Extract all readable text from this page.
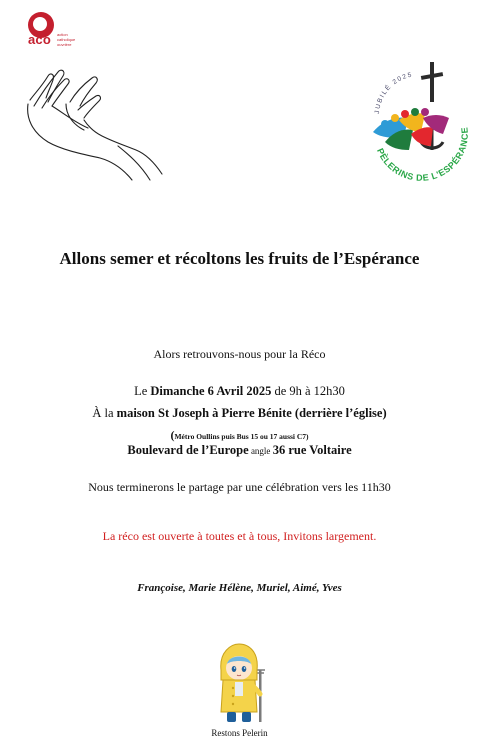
aco action catholique ouvrière
JUBILÉ 2025
PÈLERINS DE L'ESPÉRANCE
Allons semer et récoltons les fruits de l’Espérance
Alors retrouvons-nous pour la Réco
Le Dimanche 6 Avril 2025 de 9h à 12h30
À la maison St Joseph à Pierre Bénite (derrière l’église)
(Métro Oullins puis Bus 15 ou 17 aussi C7)
Boulevard de l’Europe angle 36 rue Voltaire
Nous terminerons le partage par une célébration vers les 11h30
La réco est ouverte à toutes et à tous, Invitons largement.
Françoise, Marie Hélène, Muriel, Aimé, Yves
Restons Pelerin
